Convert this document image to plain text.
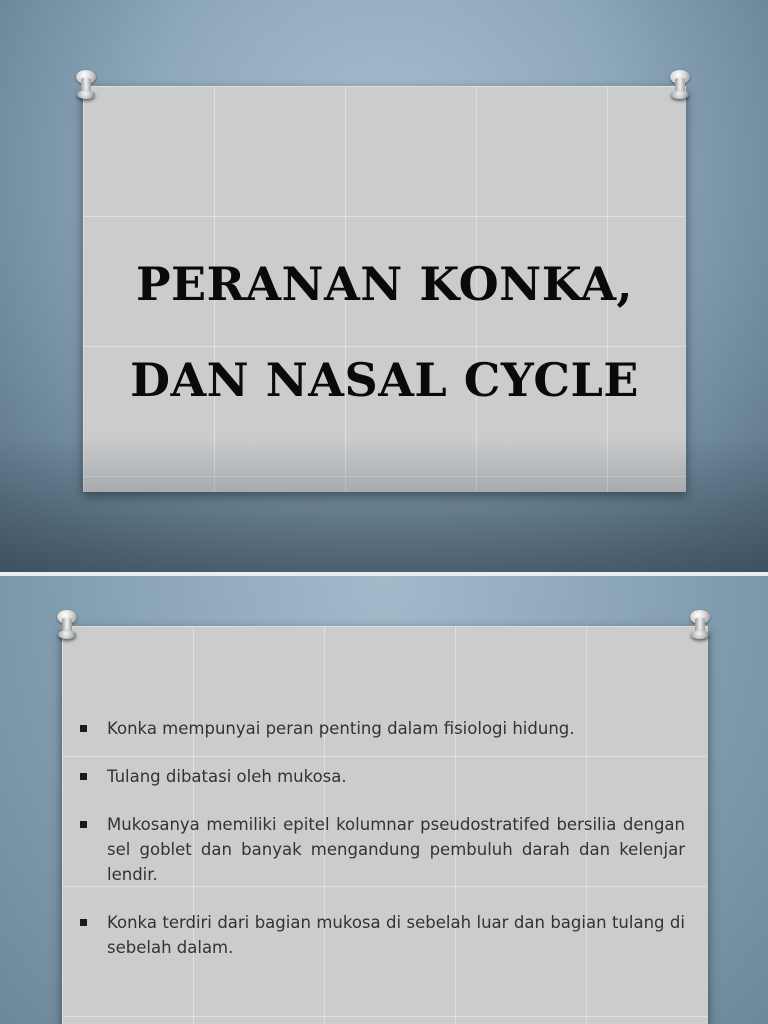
PERANAN KONKA,
DAN NASAL CYCLE
Konka mempunyai peran penting dalam fisiologi hidung.
Tulang dibatasi oleh mukosa.
Mukosanya memiliki epitel kolumnar pseudostratifed bersilia dengan sel goblet dan banyak mengandung pembuluh darah dan kelenjar lendir.
Konka terdiri dari bagian mukosa di sebelah luar dan bagian tulang di sebelah dalam.
